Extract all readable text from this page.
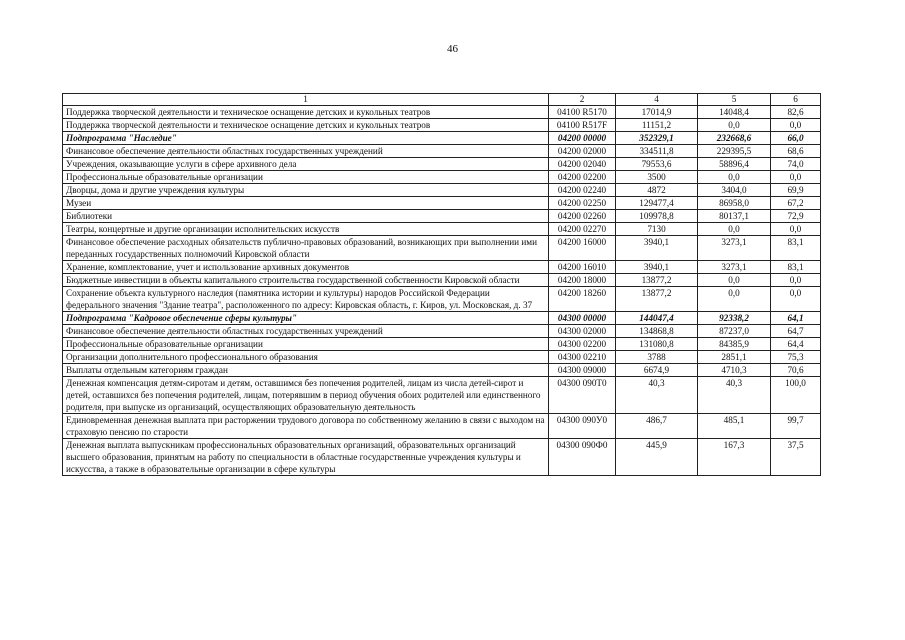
46
1	2	4	5	6
Поддержка творческой деятельности и техническое оснащение детских и кукольных театров	04100 R5170	17014,9	14048,4	82,6
Поддержка творческой деятельности и техническое оснащение детских и кукольных театров	04100 R517F	11151,2	0,0	0,0
Подпрограмма "Наследие"	04200 00000	352329,1	232668,6	66,0
Финансовое обеспечение деятельности областных государственных учреждений	04200 02000	334511,8	229395,5	68,6
Учреждения, оказывающие услуги в сфере архивного дела	04200 02040	79553,6	58896,4	74,0
Профессиональные образовательные организации	04200 02200	3500	0,0	0,0
Дворцы, дома и другие учреждения культуры	04200 02240	4872	3404,0	69,9
Музеи	04200 02250	129477,4	86958,0	67,2
Библиотеки	04200 02260	109978,8	80137,1	72,9
Театры, концертные и другие организации исполнительских искусств	04200 02270	7130	0,0	0,0
Финансовое обеспечение расходных обязательств публично-правовых образований, возникающих при выполнении ими переданных государственных полномочий Кировской области	04200 16000	3940,1	3273,1	83,1
Хранение, комплектование, учет и использование архивных документов	04200 16010	3940,1	3273,1	83,1
Бюджетные инвестиции в объекты капитального строительства государственной собственности Кировской области	04200 18000	13877,2	0,0	0,0
Сохранение объекта культурного наследия (памятника истории и культуры) народов Российской Федерации федерального значения "Здание театра", расположенного по адресу: Кировская область, г. Киров, ул. Московская, д. 37	04200 18260	13877,2	0,0	0,0
Подпрограмма "Кадровое обеспечение сферы культуры"	04300 00000	144047,4	92338,2	64,1
Финансовое обеспечение деятельности областных государственных учреждений	04300 02000	134868,8	87237,0	64,7
Профессиональные образовательные организации	04300 02200	131080,8	84385,9	64,4
Организации дополнительного профессионального образования	04300 02210	3788	2851,1	75,3
Выплаты отдельным категориям граждан	04300 09000	6674,9	4710,3	70,6
Денежная компенсация детям-сиротам и детям, оставшимся без попечения родителей, лицам из числа детей-сирот и детей, оставшихся без попечения родителей, лицам, потерявшим в период обучения обоих родителей или единственного родителя, при выпуске из организаций, осуществляющих образовательную деятельность	04300 090Т0	40,3	40,3	100,0
Единовременная денежная выплата при расторжении трудового договора по собственному желанию в связи с выходом на страховую пенсию по старости	04300 090У0	486,7	485,1	99,7
Денежная выплата выпускникам профессиональных образовательных организаций, образовательных организаций высшего образования, принятым на работу по специальности в областные государственные учреждения культуры и искусства, а также в образовательные организации в сфере культуры	04300 090Ф0	445,9	167,3	37,5
